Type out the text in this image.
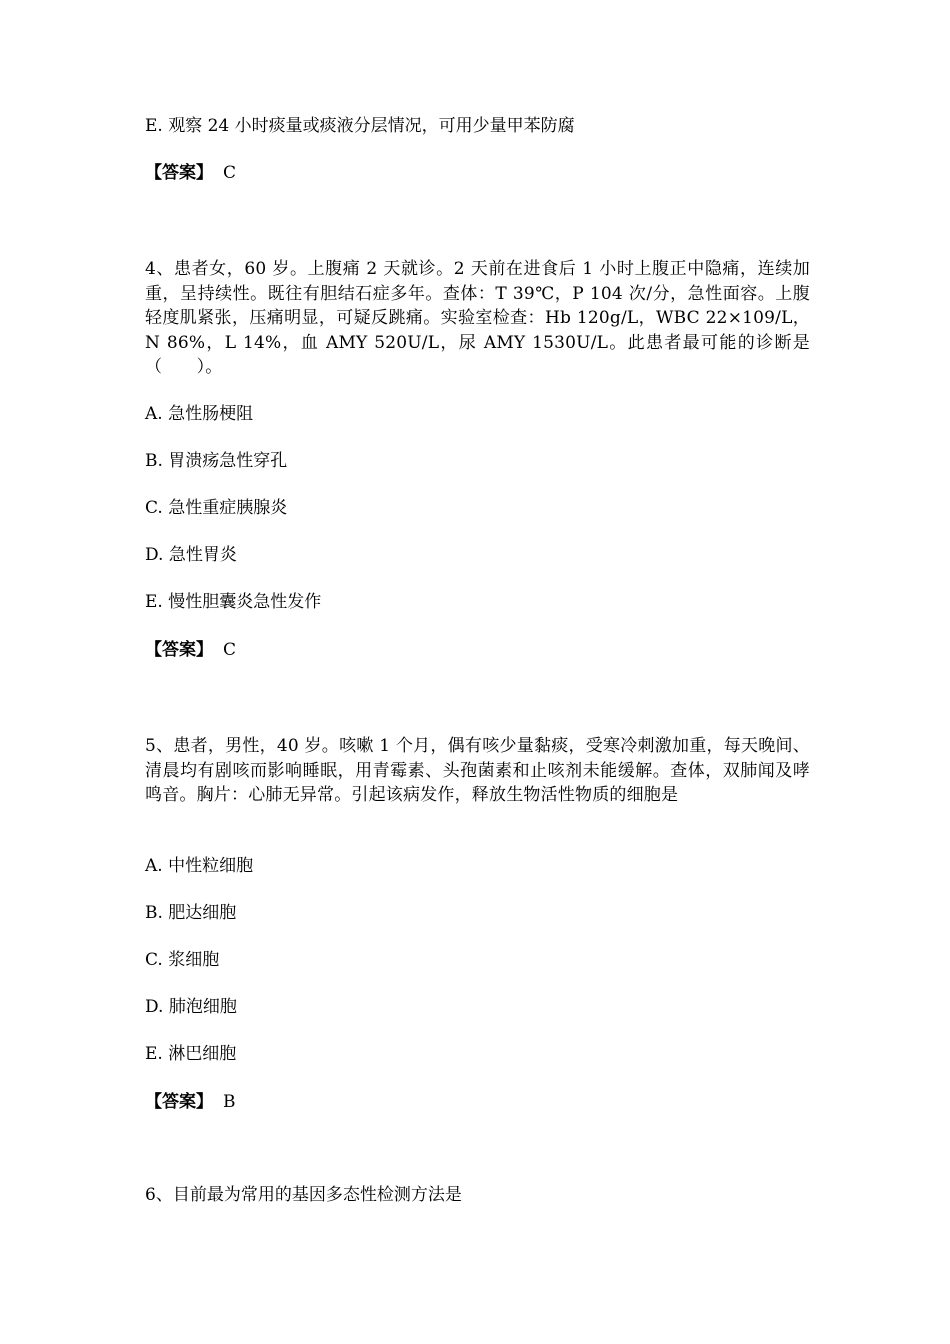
E. 观察 24 小时痰量或痰液分层情况，可用少量甲苯防腐
【答案】 C
4、患者女，60 岁。上腹痛 2 天就诊。2 天前在进食后 1 小时上腹正中隐痛，连续加重，呈持续性。既往有胆结石症多年。查体：T 39℃，P 104 次/分，急性面容。上腹轻度肌紧张，压痛明显，可疑反跳痛。实验室检查：Hb 120g/L，WBC 22×109/L，N 86%，L 14%，血 AMY 520U/L，尿 AMY 1530U/L。此患者最可能的诊断是（　　）。
A. 急性肠梗阻
B. 胃溃疡急性穿孔
C. 急性重症胰腺炎
D. 急性胃炎
E. 慢性胆囊炎急性发作
【答案】 C
5、患者，男性，40 岁。咳嗽 1 个月，偶有咳少量黏痰，受寒冷刺激加重，每天晚间、清晨均有剧咳而影响睡眠，用青霉素、头孢菌素和止咳剂未能缓解。查体，双肺闻及哮鸣音。胸片：心肺无异常。引起该病发作，释放生物活性物质的细胞是
A. 中性粒细胞
B. 肥达细胞
C. 浆细胞
D. 肺泡细胞
E. 淋巴细胞
【答案】 B
6、目前最为常用的基因多态性检测方法是
